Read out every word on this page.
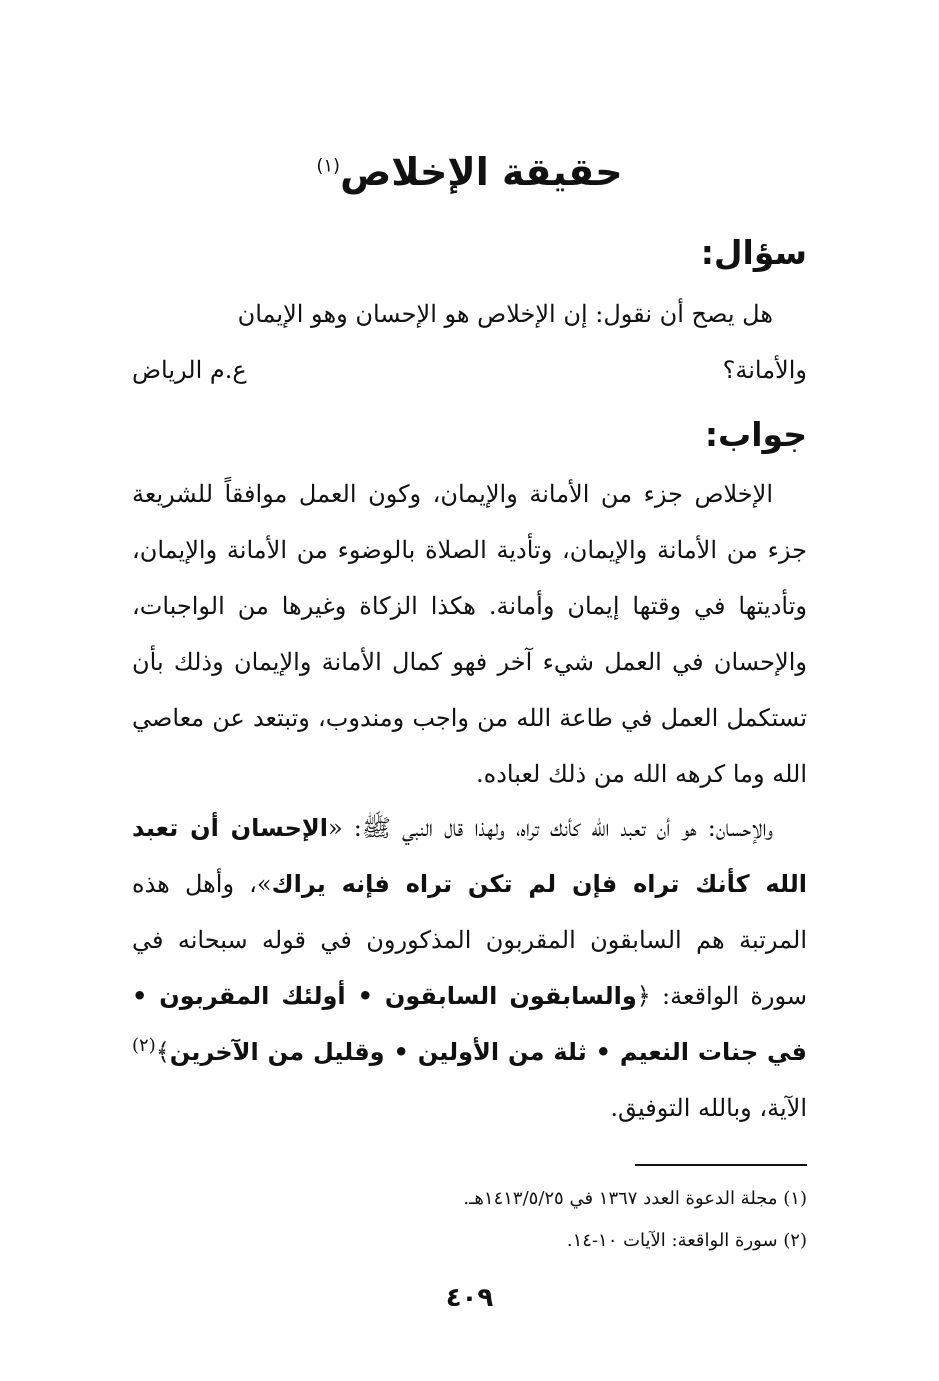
حقيقة الإخلاص$^{(١)}$
سؤال:
هل يصح أن نقول: إن الإخلاص هو الإحسان وهو الإيمان
والأمانة؟
ع.م الرياض
جواب:

الإخلاص جزء من الأمانة والإيمان، وكون العمل موافقاً للشريعة جزء من الأمانة والإيمان، وتأدية الصلاة بالوضوء من الأمانة والإيمان، وتأديتها في وقتها إيمان وأمانة. هكذا الزكاة وغيرها من الواجبات، والإحسان في العمل شيء آخر فهو كمال الأمانة والإيمان وذلك بأن تستكمل العمل في طاعة الله من واجب ومندوب، وتبتعد عن معاصي الله وما كرهه الله من ذلك لعباده.

والإحسان: هو أن تعبد الله كأنك تراه، ولهذا قال النبي ﷺ: «الإحسان أن تعبد الله كأنك تراه فإن لم تكن تراه فإنه يراك»، وأهل هذه المرتبة هم السابقون المقربون المذكورون في قوله سبحانه في سورة الواقعة: ﴿والسابقون السابقون • أولئك المقربون • في جنات النعيم • ثلة من الأولين • وقليل من الآخرين﴾$^{(٢)}$ الآية، وبالله التوفيق.

(١) مجلة الدعوة العدد ١٣٦٧ في ١٤١٣/٥/٢٥هـ.
(٢) سورة الواقعة: الآيات ١٠-١٤.
٤٠٩
